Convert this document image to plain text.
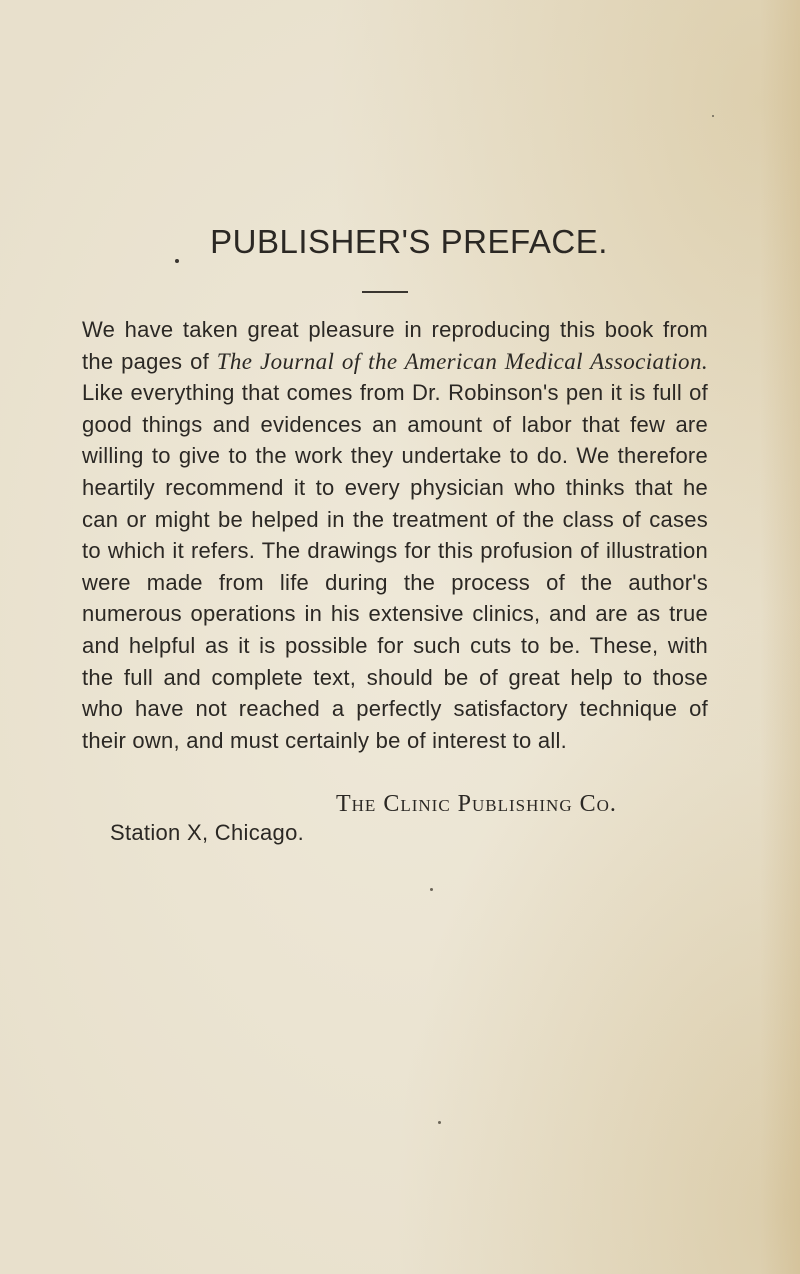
PUBLISHER'S PREFACE.

We have taken great pleasure in reproducing this book from the pages of The Journal of the American Medical Association. Like everything that comes from Dr. Robinson's pen it is full of good things and evidences an amount of labor that few are willing to give to the work they undertake to do. We therefore heartily recommend it to every physician who thinks that he can or might be helped in the treatment of the class of cases to which it refers. The drawings for this profusion of illustration were made from life during the process of the author's numerous operations in his extensive clinics, and are as true and helpful as it is possible for such cuts to be. These, with the full and complete text, should be of great help to those who have not reached a perfectly satisfactory technique of their own, and must certainly be of interest to all.

The Clinic Publishing Co.
Station X, Chicago.
